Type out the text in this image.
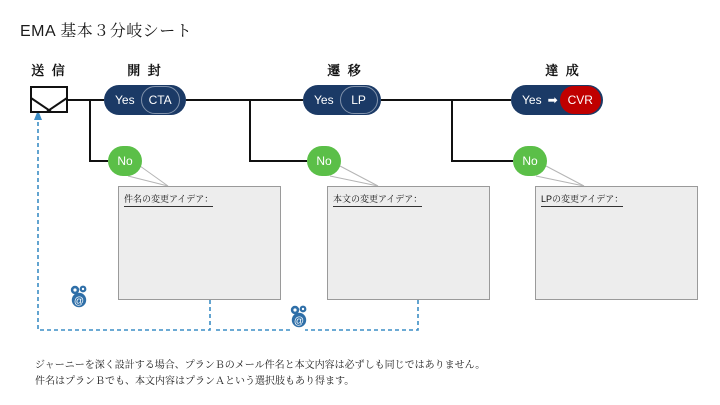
EMA 基本３分岐シート
送 信	開 封	遷 移	達 成
Yes	CTA	Yes	LP	Yes ➡ CVR
No	No	No
件名の変更アイデア：	本文の変更アイデア：	LPの変更アイデア：
@
@
ジャーニーを深く設計する場合、プランＢのメール件名と本文内容は必ずしも同じではありません。
件名はプランＢでも、本文内容はプランＡという選択肢もあり得ます。
